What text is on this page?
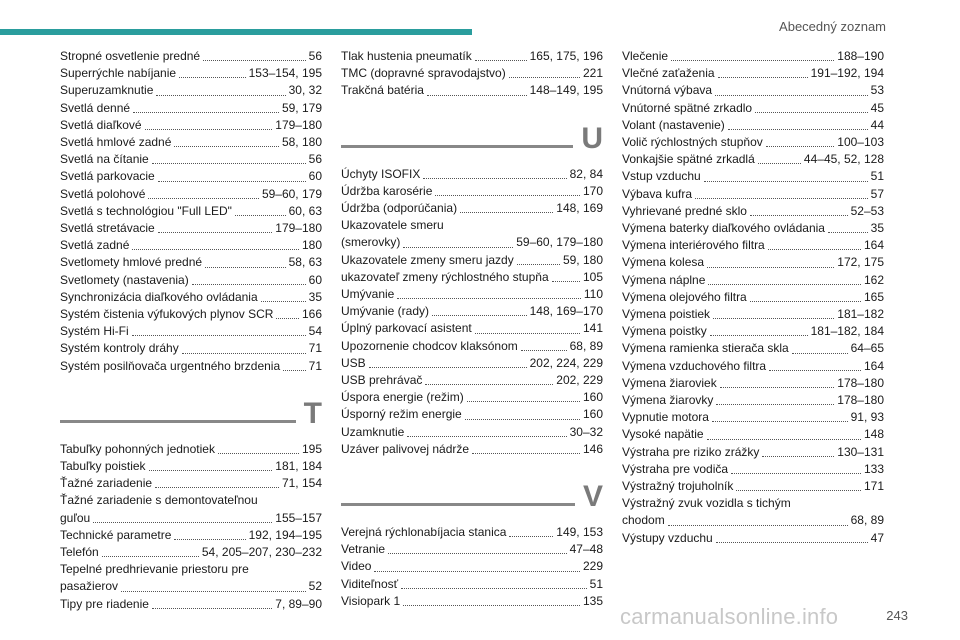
Abecedný zoznam
Stropné osvetlenie predné	56
Superrýchle nabíjanie	153–154, 195
Superuzamknutie	30, 32
Svetlá denné	59, 179
Svetlá diaľkové	179–180
Svetlá hmlové zadné	58, 180
Svetlá na čítanie	56
Svetlá parkovacie	60
Svetlá polohové	59–60, 179
Svetlá s technológiou "Full LED"	60, 63
Svetlá stretávacie	179–180
Svetlá zadné	180
Svetlomety hmlové predné	58, 63
Svetlomety (nastavenia)	60
Synchronizácia diaľkového ovládania	35
Systém čistenia výfukových plynov SCR 166
Systém Hi-Fi	54
Systém kontroly dráhy	71
Systém posilňovača urgentného brzdenia 71
T
Tabuľky pohonných jednotiek	195
Tabuľky poistiek	181, 184
Ťažné zariadenie	71, 154
Ťažné zariadenie s demontovateľnou
guľou	155–157
Technické parametre	192, 194–195
Telefón	54, 205–207, 230–232
Tepelné predhrievanie priestoru pre
pasažierov	52
Tipy pre riadenie	7, 89–90
Tlak hustenia pneumatík	165, 175, 196
TMC (dopravné spravodajstvo)	221
Trakčná batéria	148–149, 195
U
Úchyty ISOFIX	82, 84
Údržba karosérie	170
Údržba (odporúčania)	148, 169
Ukazovatele smeru
(smerovky)	59–60, 179–180
Ukazovatele zmeny smeru jazdy	59, 180
ukazovateľ zmeny rýchlostného stupňa	105
Umývanie	110
Umývanie (rady)	148, 169–170
Úplný parkovací asistent	141
Upozornenie chodcov klaksónom	68, 89
USB	202, 224, 229
USB prehrávač	202, 229
Úspora energie (režim)	160
Úsporný režim energie	160
Uzamknutie	30–32
Uzáver palivovej nádrže	146
V
Verejná rýchlonabíjacia stanica	149, 153
Vetranie	47–48
Video	229
Viditeľnosť	51
Visiopark 1	135
Vlečenie	188–190
Vlečné zaťaženia	191–192, 194
Vnútorná výbava	53
Vnútorné spätné zrkadlo	45
Volant (nastavenie)	44
Volič rýchlostných stupňov	100–103
Vonkajšie spätné zrkadlá	44–45, 52, 128
Vstup vzduchu	51
Výbava kufra	57
Vyhrievané predné sklo	52–53
Výmena baterky diaľkového ovládania	35
Výmena interiérového filtra	164
Výmena kolesa	172, 175
Výmena náplne	162
Výmena olejového filtra	165
Výmena poistiek	181–182
Výmena poistky	181–182, 184
Výmena ramienka stierača skla	64–65
Výmena vzduchového filtra	164
Výmena žiaroviek	178–180
Výmena žiarovky	178–180
Vypnutie motora	91, 93
Vysoké napätie	148
Výstraha pre riziko zrážky	130–131
Výstraha pre vodiča	133
Výstražný trojuholník	171
Výstražný zvuk vozidla s tichým
chodom	68, 89
Výstupy vzduchu	47
carmanualsonline.info	243
